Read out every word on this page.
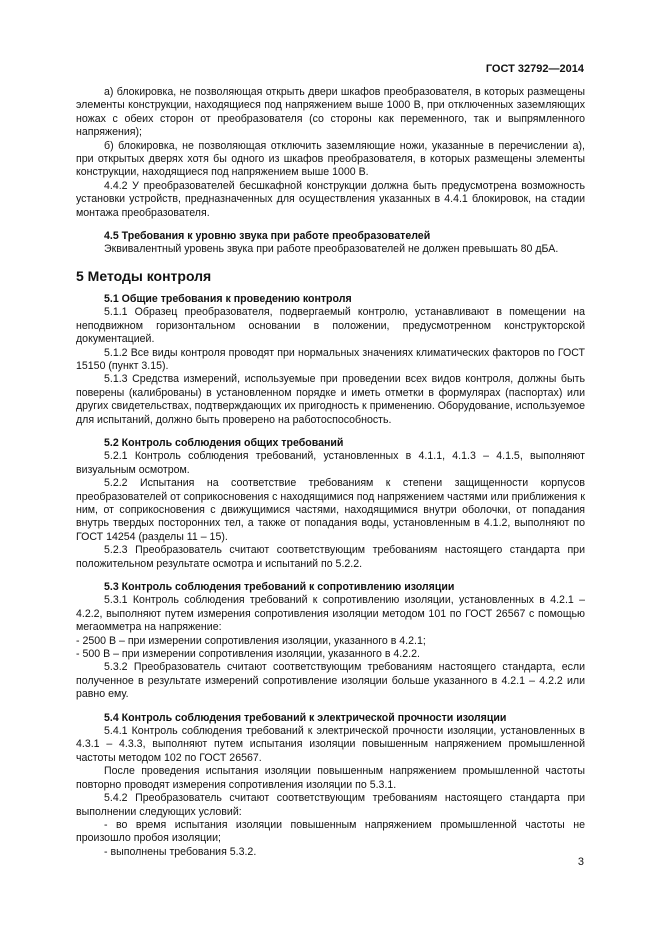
ГОСТ 32792—2014

а) блокировка, не позволяющая открыть двери шкафов преобразователя, в которых размещены элементы конструкции, находящиеся под напряжением выше 1000 В, при отключенных заземляющих ножах с обеих сторон от преобразователя (со стороны как переменного, так и выпрямленного напряжения);

б) блокировка, не позволяющая отключить заземляющие ножи, указанные в перечислении а), при открытых дверях хотя бы одного из шкафов преобразователя, в которых размещены элементы конструкции, находящиеся под напряжением выше 1000 В.

4.4.2 У преобразователей бесшкафной конструкции должна быть предусмотрена возможность установки устройств, предназначенных для осуществления указанных в 4.4.1 блокировок, на стадии монтажа преобразователя.

4.5 Требования к уровню звука при работе преобразователей

Эквивалентный уровень звука при работе преобразователей не должен превышать 80 дБА.

5 Методы контроля

5.1 Общие требования к проведению контроля

5.1.1 Образец преобразователя, подвергаемый контролю, устанавливают в помещении на неподвижном горизонтальном основании в положении, предусмотренном конструкторской документацией.

5.1.2 Все виды контроля проводят при нормальных значениях климатических факторов по ГОСТ 15150 (пункт 3.15).

5.1.3 Средства измерений, используемые при проведении всех видов контроля, должны быть поверены (калиброваны) в установленном порядке и иметь отметки в формулярах (паспортах) или других свидетельствах, подтверждающих их пригодность к применению. Оборудование, используемое для испытаний, должно быть проверено на работоспособность.

5.2 Контроль соблюдения общих требований

5.2.1 Контроль соблюдения требований, установленных в 4.1.1, 4.1.3 – 4.1.5, выполняют визуальным осмотром.

5.2.2 Испытания на соответствие требованиям к степени защищенности корпусов преобразователей от соприкосновения с находящимися под напряжением частями или приближения к ним, от соприкосновения с движущимися частями, находящимися внутри оболочки, от попадания внутрь твердых посторонних тел, а также от попадания воды, установленным в 4.1.2, выполняют по ГОСТ 14254 (разделы 11 – 15).

5.2.3 Преобразователь считают соответствующим требованиям настоящего стандарта при положительном результате осмотра и испытаний по 5.2.2.

5.3 Контроль соблюдения требований к сопротивлению изоляции

5.3.1 Контроль соблюдения требований к сопротивлению изоляции, установленных в 4.2.1 – 4.2.2, выполняют путем измерения сопротивления изоляции методом 101 по ГОСТ 26567 с помощью мегаомметра на напряжение:

- 2500 В – при измерении сопротивления изоляции, указанного в 4.2.1;

- 500 В – при измерении сопротивления изоляции, указанного в 4.2.2.

5.3.2 Преобразователь считают соответствующим требованиям настоящего стандарта, если полученное в результате измерений сопротивление изоляции больше указанного в 4.2.1 – 4.2.2 или равно ему.

5.4 Контроль соблюдения требований к электрической прочности изоляции

5.4.1 Контроль соблюдения требований к электрической прочности изоляции, установленных в 4.3.1 – 4.3.3, выполняют путем испытания изоляции повышенным напряжением промышленной частоты методом 102 по ГОСТ 26567.

После проведения испытания изоляции повышенным напряжением промышленной частоты повторно проводят измерения сопротивления изоляции по 5.3.1.

5.4.2 Преобразователь считают соответствующим требованиям настоящего стандарта при выполнении следующих условий:

- во время испытания изоляции повышенным напряжением промышленной частоты не произошло пробоя изоляции;

- выполнены требования 5.3.2.

3
